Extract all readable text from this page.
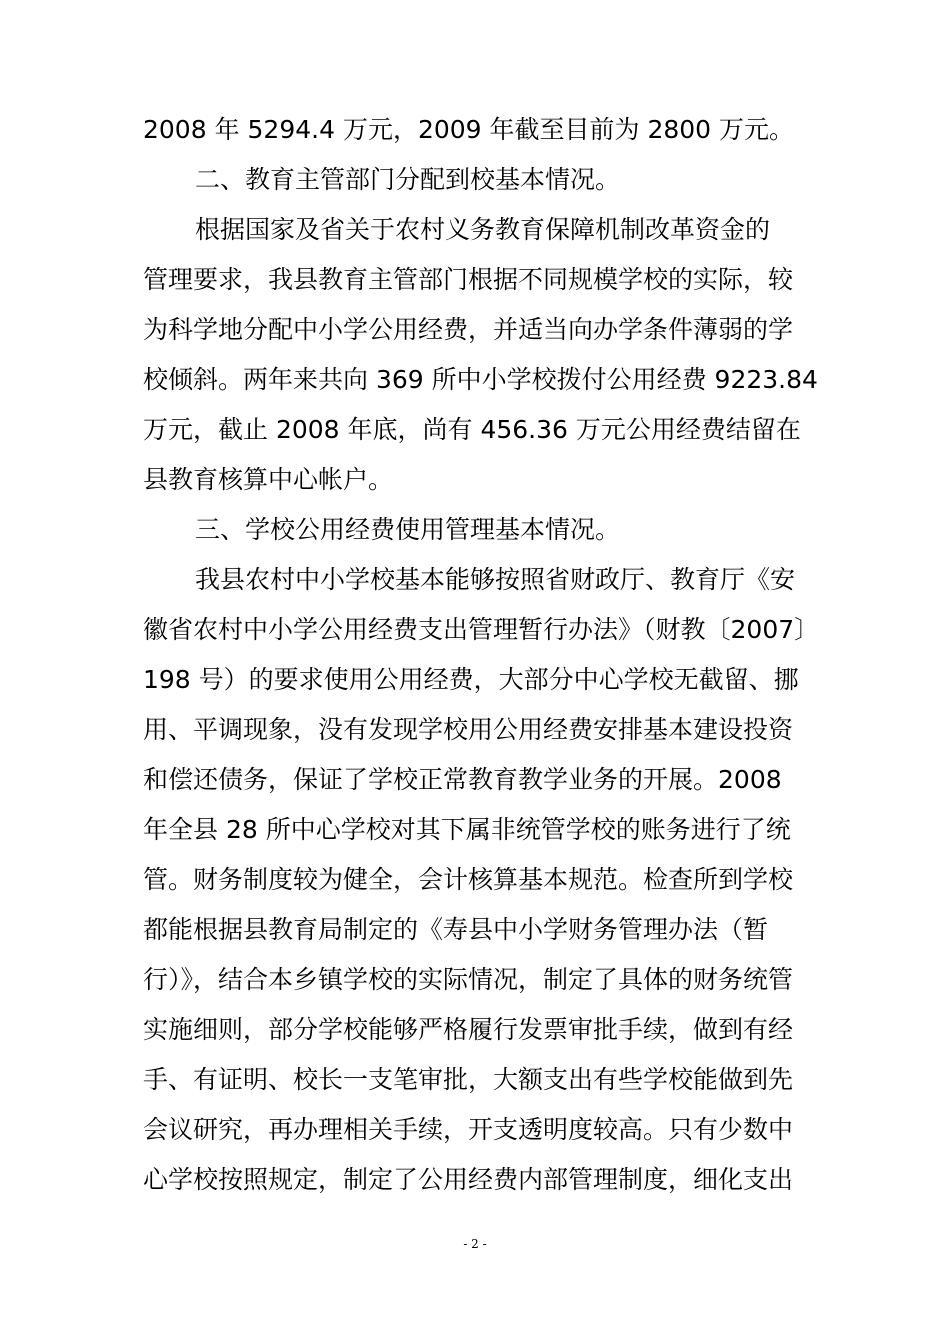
2008 年 5294.4 万元，2009 年截至目前为 2800 万元。
二、教育主管部门分配到校基本情况。
根据国家及省关于农村义务教育保障机制改革资金的
管理要求，我县教育主管部门根据不同规模学校的实际，较
为科学地分配中小学公用经费，并适当向办学条件薄弱的学
校倾斜。两年来共向 369 所中小学校拨付公用经费 9223.84
万元，截止 2008 年底，尚有 456.36 万元公用经费结留在
县教育核算中心帐户。
三、学校公用经费使用管理基本情况。
我县农村中小学校基本能够按照省财政厅、教育厅《安
徽省农村中小学公用经费支出管理暂行办法》（财教〔2007〕
198 号）的要求使用公用经费，大部分中心学校无截留、挪
用、平调现象，没有发现学校用公用经费安排基本建设投资
和偿还债务，保证了学校正常教育教学业务的开展。2008
年全县 28 所中心学校对其下属非统管学校的账务进行了统
管。财务制度较为健全，会计核算基本规范。检查所到学校
都能根据县教育局制定的《寿县中小学财务管理办法（暂
行）》，结合本乡镇学校的实际情况，制定了具体的财务统管
实施细则，部分学校能够严格履行发票审批手续，做到有经
手、有证明、校长一支笔审批，大额支出有些学校能做到先
会议研究，再办理相关手续，开支透明度较高。只有少数中
心学校按照规定，制定了公用经费内部管理制度，细化支出
- 2 -
